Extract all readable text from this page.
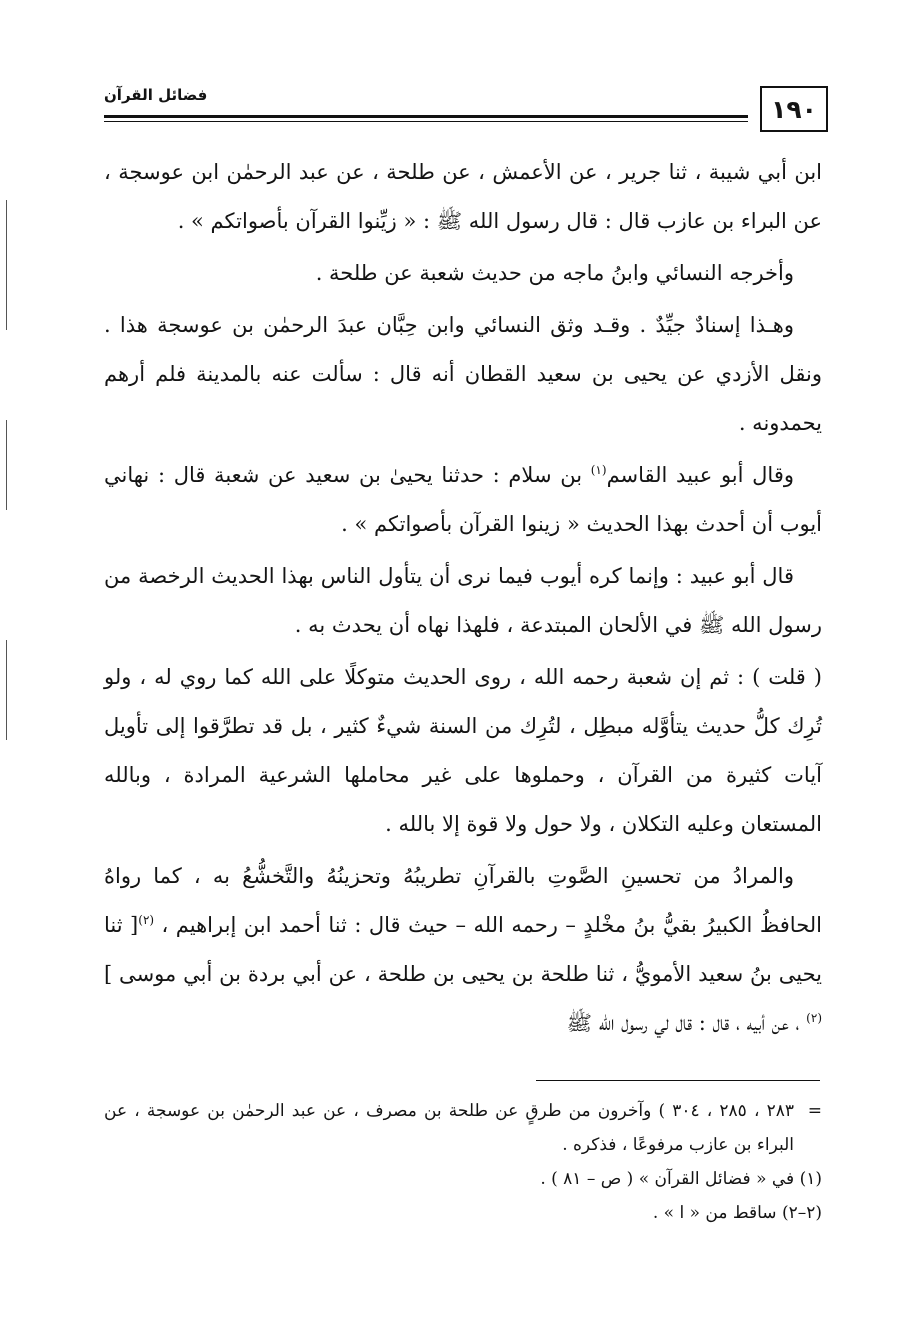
١٩٠
فضائل القرآن

ابن أبي شيبة ، ثنا جرير ، عن الأعمش ، عن طلحة ، عن عبد الرحمٰن ابن عوسجة ، عن البراء بن عازب قال : قال رسول الله ﷺ : « زيِّنوا القرآن بأصواتكم » .

وأخرجه النسائي وابنُ ماجه من حديث شعبة عن طلحة .

وهـذا إسنادٌ جيِّدٌ . وقـد وثق النسائي وابن حِبَّان عبدَ الرحمٰن بن عوسجة هذا . ونقل الأزدي عن يحيى بن سعيد القطان أنه قال : سألت عنه بالمدينة فلم أرهم يحمدونه .

وقال أبو عبيد القاسم$^{(١)}$ بن سلام : حدثنا يحيىٰ بن سعيد عن شعبة قال : نهاني أيوب أن أحدث بهذا الحديث « زينوا القرآن بأصواتكم » .

قال أبو عبيد : وإنما كره أيوب فيما نرى أن يتأول الناس بهذا الحديث الرخصة من رسول الله ﷺ في الألحان المبتدعة ، فلهذا نهاه أن يحدث به .

( قلت ) : ثم إن شعبة رحمه الله ، روى الحديث متوكلًا على الله كما روي له ، ولو تُرِك كلُّ حديث يتأوَّله مبطِل ، لتُرِك من السنة شيءٌ كثير ، بل قد تطرَّقوا إلى تأويل آيات كثيرة من القرآن ، وحملوها على غير محاملها الشرعية المرادة ، وبالله المستعان وعليه التكلان ، ولا حول ولا قوة إلا بالله .

والمرادُ من تحسينِ الصَّوتِ بالقرآنِ تطريبُهُ وتحزينُهُ والتَّخشُّعُ به ، كما رواهُ الحافظُ الكبيرُ بقيُّ بنُ مخْلدٍ – رحمه الله – حيث قال : ثنا أحمد ابن إبراهيم ، $^{(٢)}$[ ثنا يحيى بنُ سعيد الأمويُّ ، ثنا طلحة بن يحيى بن طلحة ، عن أبي بردة بن أبي موسى ]$^{(٢)}$ ، عن أبيه ، قال : قال لي رسول الله ﷺ

=
٢٨٣ ، ٢٨٥ ، ٣٠٤ ) وآخرون من طرقٍ عن طلحة بن مصرف ، عن عبد الرحمٰن بن عوسجة ، عن البراء بن عازب مرفوعًا ، فذكره .

(١) في « فضائل القرآن » ( ص – ٨١ ) .

(٢–٢) ساقط من « ا » .
